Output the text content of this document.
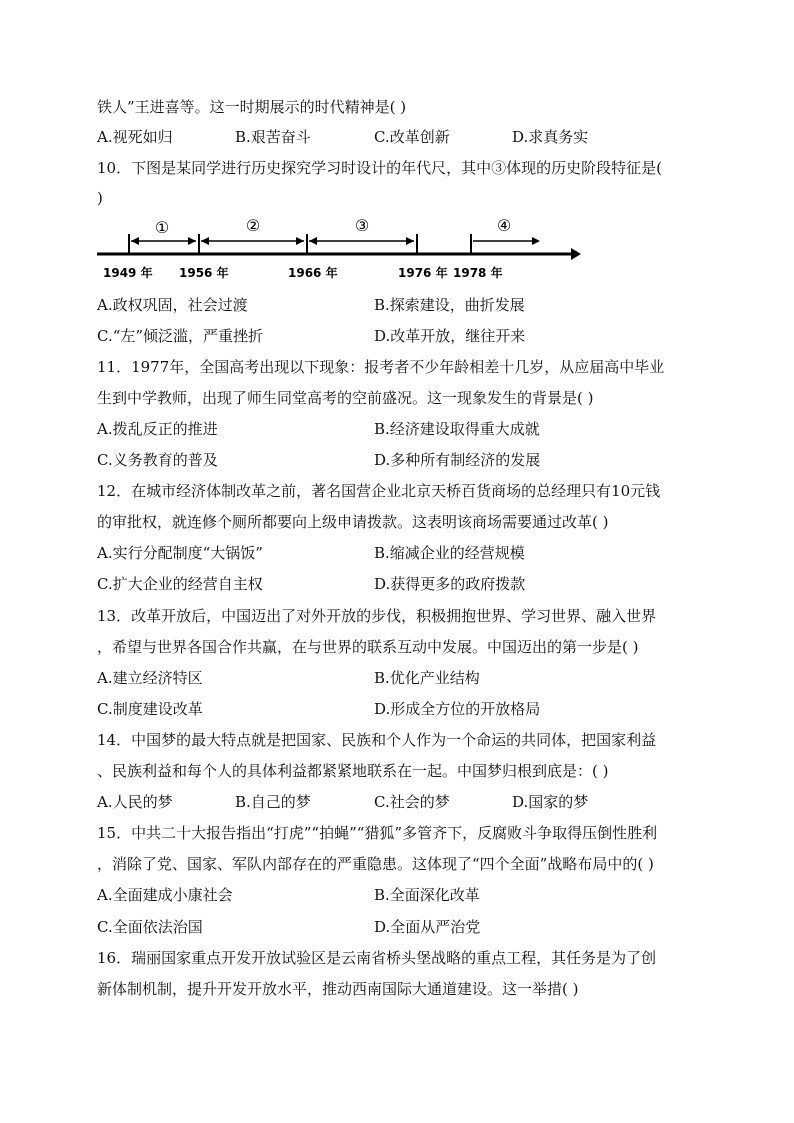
铁人”王进喜等。这一时期展示的时代精神是( )
A.视死如归	B.艰苦奋斗	C.改革创新	D.求真务实
10．下图是某同学进行历史探究学习时设计的年代尺，其中③体现的历史阶段特征是(
)
①	②	③	④
1949 年 1956 年	1966 年	1976 年 1978 年
A.政权巩固，社会过渡	B.探索建设，曲折发展
C.“左”倾泛滥，严重挫折	D.改革开放，继往开来
11．1977年，全国高考出现以下现象：报考者不少年龄相差十几岁，从应届高中毕业
生到中学教师，出现了师生同堂高考的空前盛况。这一现象发生的背景是( )
A.拨乱反正的推进	B.经济建设取得重大成就
C.义务教育的普及	D.多种所有制经济的发展
12．在城市经济体制改革之前，著名国营企业北京天桥百货商场的总经理只有10元钱
的审批权，就连修个厕所都要向上级申请拨款。这表明该商场需要通过改革( )
A.实行分配制度“大锅饭”	B.缩减企业的经营规模
C.扩大企业的经营自主权	D.获得更多的政府拨款
13．改革开放后，中国迈出了对外开放的步伐，积极拥抱世界、学习世界、融入世界
，希望与世界各国合作共赢，在与世界的联系互动中发展。中国迈出的第一步是( )
A.建立经济特区	B.优化产业结构
C.制度建设改革	D.形成全方位的开放格局
14．中国梦的最大特点就是把国家、民族和个人作为一个命运的共同体，把国家利益
、民族利益和每个人的具体利益都紧紧地联系在一起。中国梦归根到底是：( )
A.人民的梦	B.自己的梦	C.社会的梦	D.国家的梦
15．中共二十大报告指出“打虎”“拍蝇”“猎狐”多管齐下，反腐败斗争取得压倒性胜利
，消除了党、国家、军队内部存在的严重隐患。这体现了“四个全面”战略布局中的( )
A.全面建成小康社会	B.全面深化改革
C.全面依法治国	D.全面从严治党
16．瑞丽国家重点开发开放试验区是云南省桥头堡战略的重点工程，其任务是为了创
新体制机制，提升开发开放水平，推动西南国际大通道建设。这一举措( )
